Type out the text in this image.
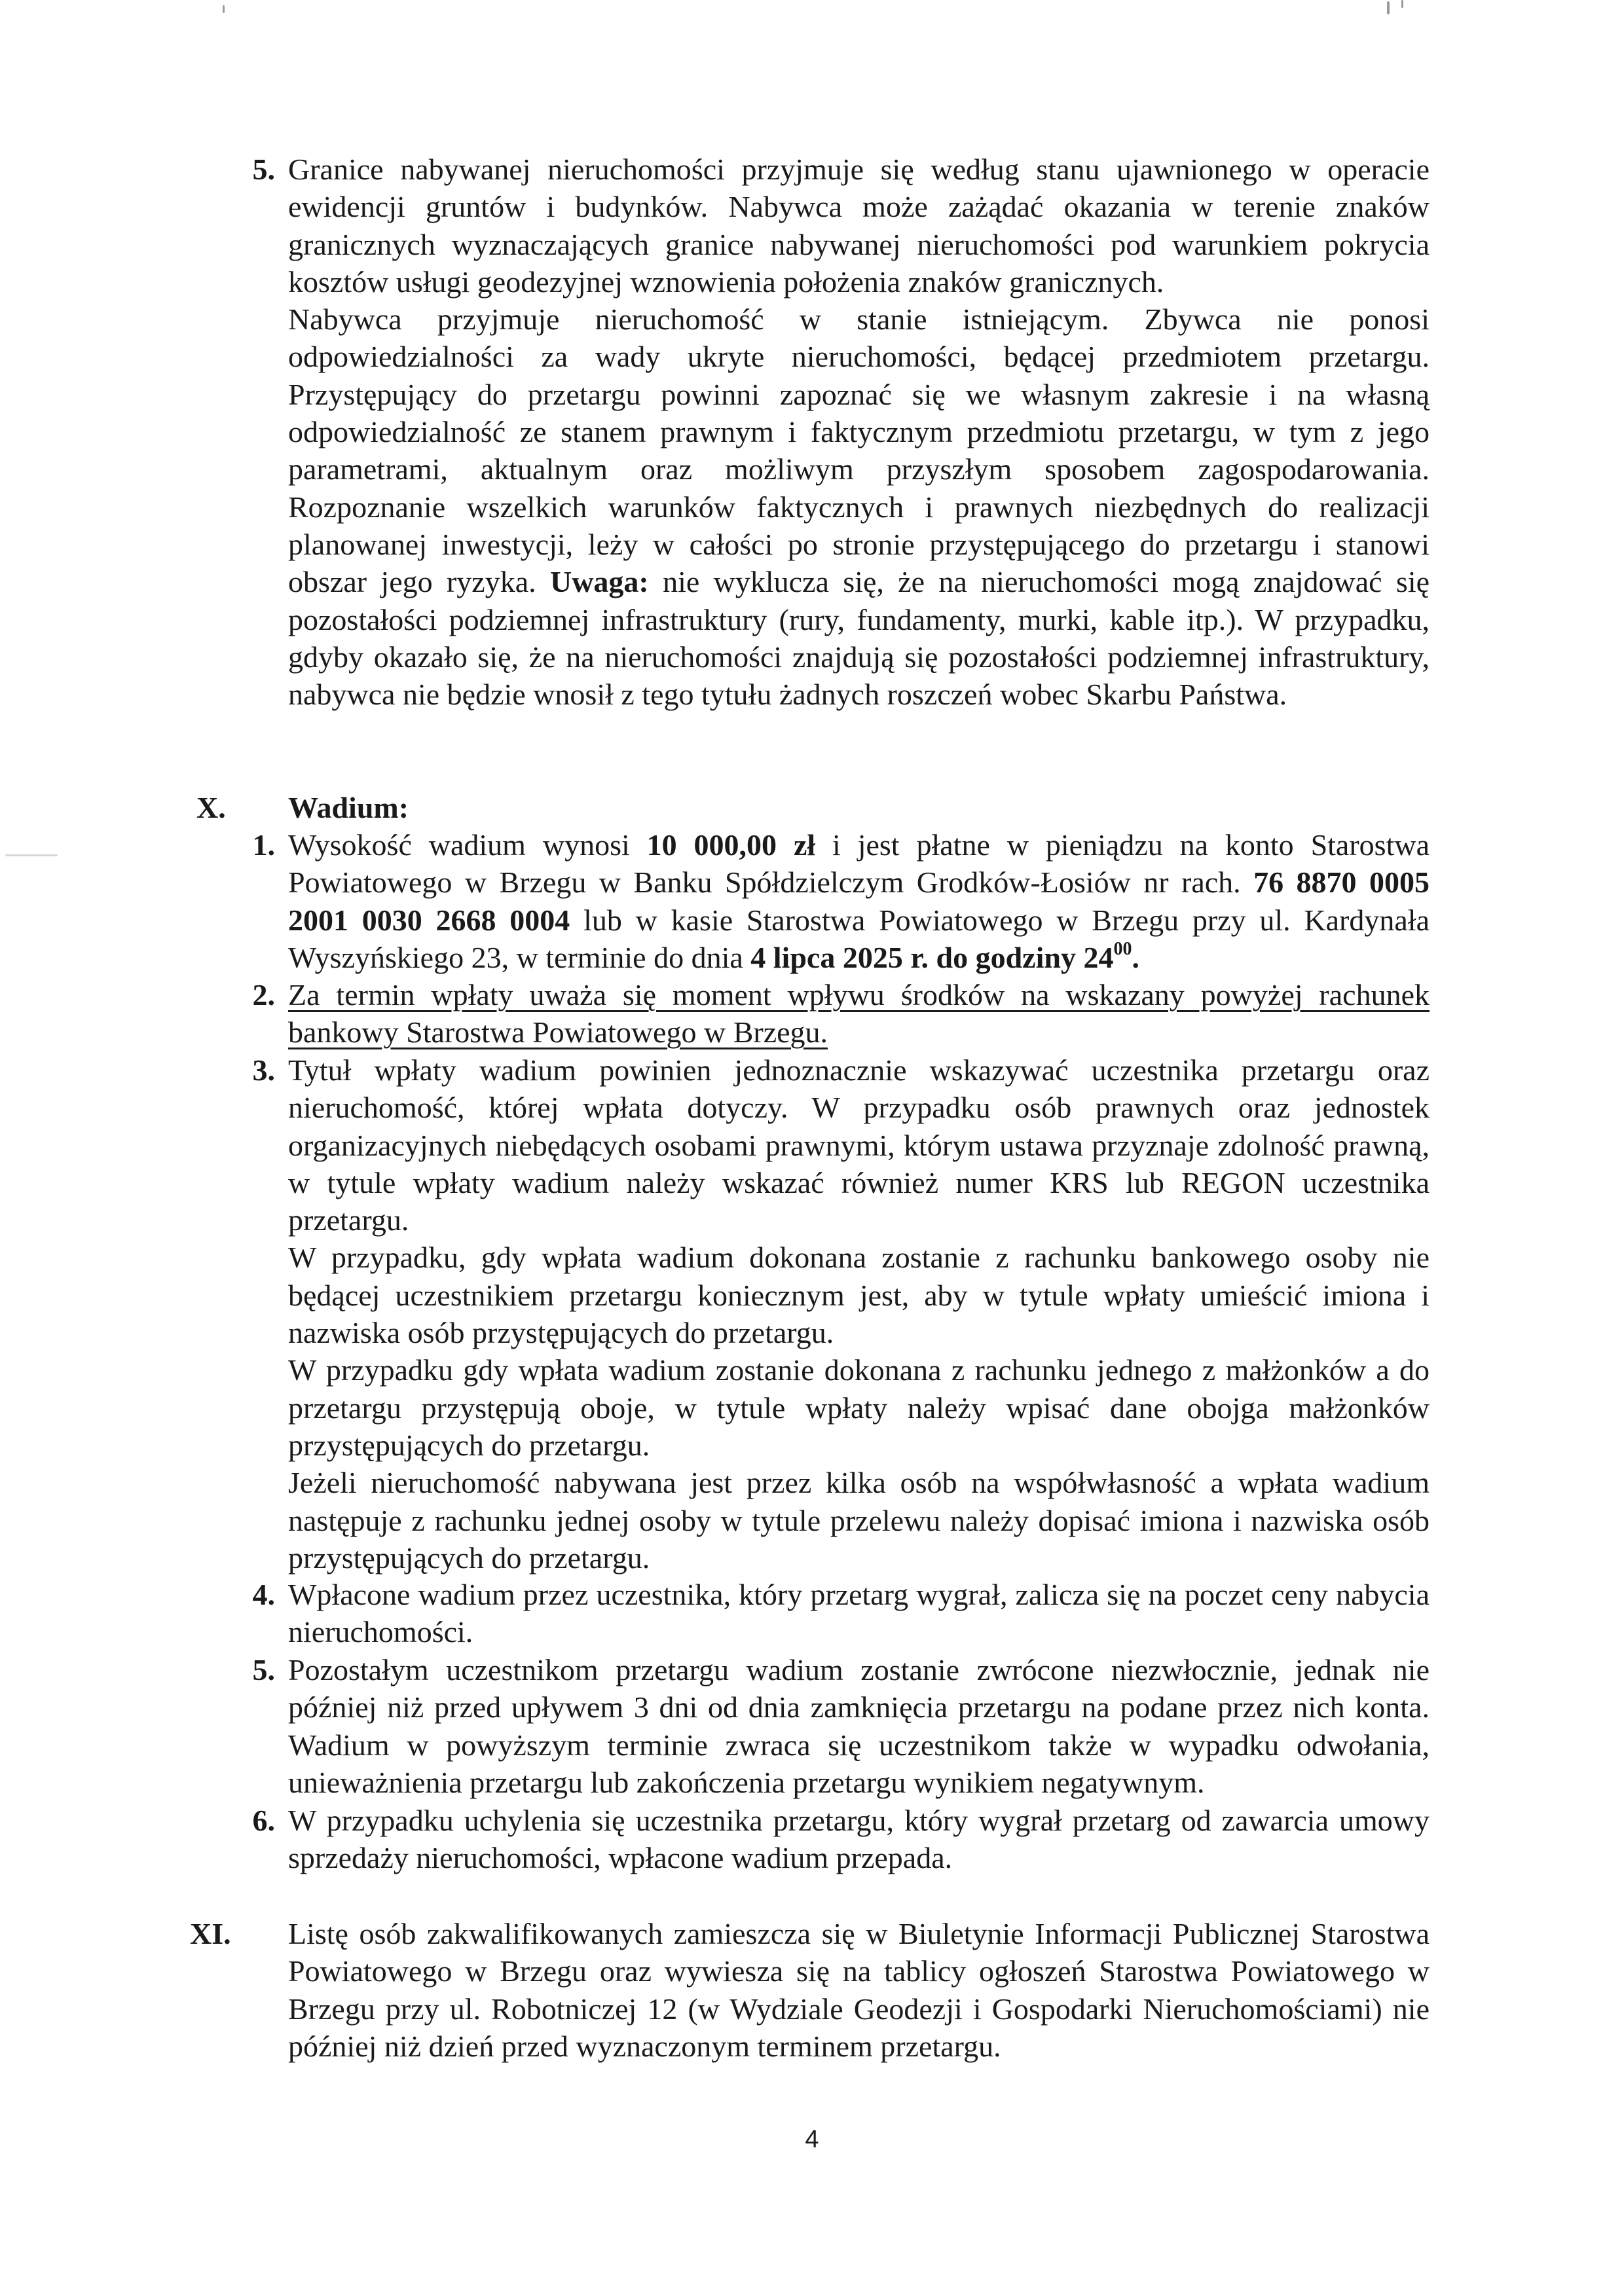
5. Granice nabywanej nieruchomości przyjmuje się według stanu ujawnionego w operacie ewidencji gruntów i budynków. Nabywca może zażądać okazania w terenie znaków granicznych wyznaczających granice nabywanej nieruchomości pod warunkiem pokrycia kosztów usługi geodezyjnej wznowienia położenia znaków granicznych.

Nabywca przyjmuje nieruchomość w stanie istniejącym. Zbywca nie ponosi odpowiedzialności za wady ukryte nieruchomości, będącej przedmiotem przetargu. Przystępujący do przetargu powinni zapoznać się we własnym zakresie i na własną odpowiedzialność ze stanem prawnym i faktycznym przedmiotu przetargu, w tym z jego parametrami, aktualnym oraz możliwym przyszłym sposobem zagospodarowania. Rozpoznanie wszelkich warunków faktycznych i prawnych niezbędnych do realizacji planowanej inwestycji, leży w całości po stronie przystępującego do przetargu i stanowi obszar jego ryzyka. Uwaga: nie wyklucza się, że na nieruchomości mogą znajdować się pozostałości podziemnej infrastruktury (rury, fundamenty, murki, kable itp.). W przypadku, gdyby okazało się, że na nieruchomości znajdują się pozostałości podziemnej infrastruktury, nabywca nie będzie wnosił z tego tytułu żadnych roszczeń wobec Skarbu Państwa.

X.	Wadium:

1. Wysokość wadium wynosi 10 000,00 zł i jest płatne w pieniądzu na konto Starostwa Powiatowego w Brzegu w Banku Spółdzielczym Grodków-Łosiów nr rach. 76 8870 0005 2001 0030 2668 0004 lub w kasie Starostwa Powiatowego w Brzegu przy ul. Kardynała Wyszyńskiego 23, w terminie do dnia 4 lipca 2025 r. do godziny $24^{00}$.

2. Za termin wpłaty uważa się moment wpływu środków na wskazany powyżej rachunek bankowy Starostwa Powiatowego w Brzegu.

3. Tytuł wpłaty wadium powinien jednoznacznie wskazywać uczestnika przetargu oraz nieruchomość, której wpłata dotyczy. W przypadku osób prawnych oraz jednostek organizacyjnych niebędących osobami prawnymi, którym ustawa przyznaje zdolność prawną, w tytule wpłaty wadium należy wskazać również numer KRS lub REGON uczestnika przetargu.

W przypadku, gdy wpłata wadium dokonana zostanie z rachunku bankowego osoby nie będącej uczestnikiem przetargu koniecznym jest, aby w tytule wpłaty umieścić imiona i nazwiska osób przystępujących do przetargu.

W przypadku gdy wpłata wadium zostanie dokonana z rachunku jednego z małżonków a do przetargu przystępują oboje, w tytule wpłaty należy wpisać dane obojga małżonków przystępujących do przetargu.

Jeżeli nieruchomość nabywana jest przez kilka osób na współwłasność a wpłata wadium następuje z rachunku jednej osoby w tytule przelewu należy dopisać imiona i nazwiska osób przystępujących do przetargu.

4. Wpłacone wadium przez uczestnika, który przetarg wygrał, zalicza się na poczet ceny nabycia nieruchomości.

5. Pozostałym uczestnikom przetargu wadium zostanie zwrócone niezwłocznie, jednak nie później niż przed upływem 3 dni od dnia zamknięcia przetargu na podane przez nich konta. Wadium w powyższym terminie zwraca się uczestnikom także w wypadku odwołania, unieważnienia przetargu lub zakończenia przetargu wynikiem negatywnym.

6. W przypadku uchylenia się uczestnika przetargu, który wygrał przetarg od zawarcia umowy sprzedaży nieruchomości, wpłacone wadium przepada.

XI.	Listę osób zakwalifikowanych zamieszcza się w Biuletynie Informacji Publicznej Starostwa Powiatowego w Brzegu oraz wywiesza się na tablicy ogłoszeń Starostwa Powiatowego w Brzegu przy ul. Robotniczej 12 (w Wydziale Geodezji i Gospodarki Nieruchomościami) nie później niż dzień przed wyznaczonym terminem przetargu.

4
